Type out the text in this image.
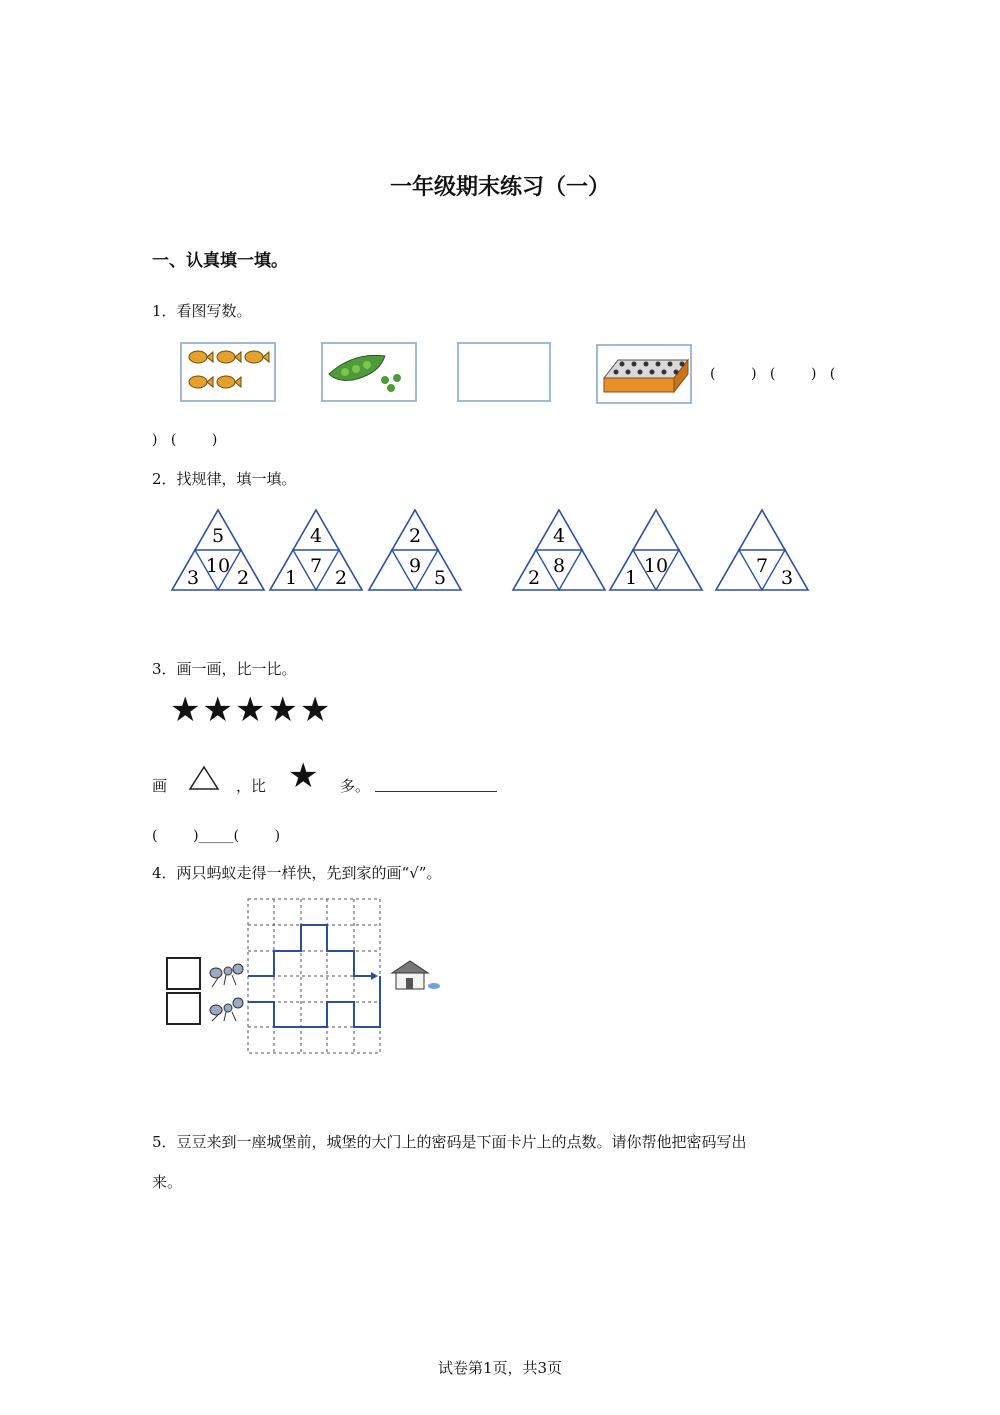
一年级期末练习（一）
一、认真填一填。
1．看图写数。
(        )   (        )   (
)   (        )
2．找规律，填一填。
5
10
3 2
4
7
1 2
2
9
5
4
8
2
10
1
7
3
3．画一画，比一比。
★★★★★
画	，比 ★ 多。
(        )_____(        )
4．两只蚂蚁走得一样快，先到家的画“√”。
5．豆豆来到一座城堡前，城堡的大门上的密码是下面卡片上的点数。请你帮他把密码写出
来。
试卷第1页，共3页
